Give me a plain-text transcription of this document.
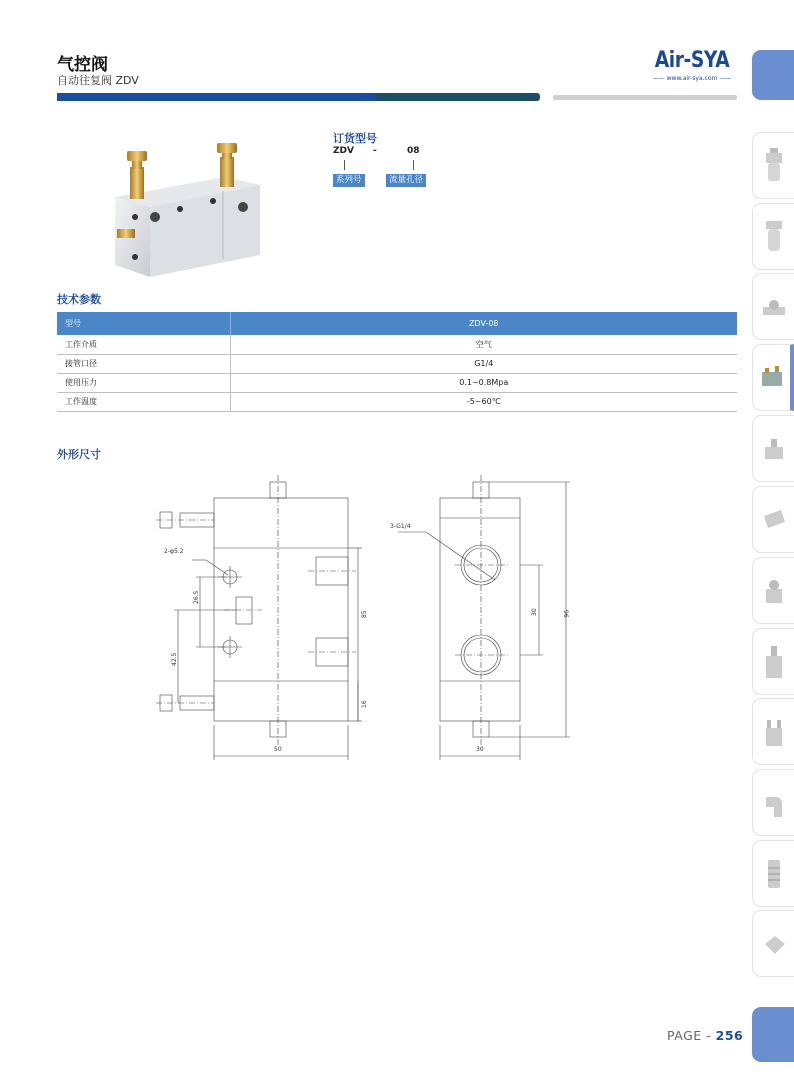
气控阀
自动往复阀 ZDV
Air-SYA
—— www.air-sya.com ——
订货型号
ZDV -	08
系列号	流量孔径
技术参数
型号	ZDV-08
工作介质	空气
接管口径	G1/4
使用压力	0.1~0.8Mpa
工作温度	-5~60℃
外形尺寸
2-φ5.2
26.5
42.5
85
16
50
3-G1/4
30	96
30
PAGE - 256
